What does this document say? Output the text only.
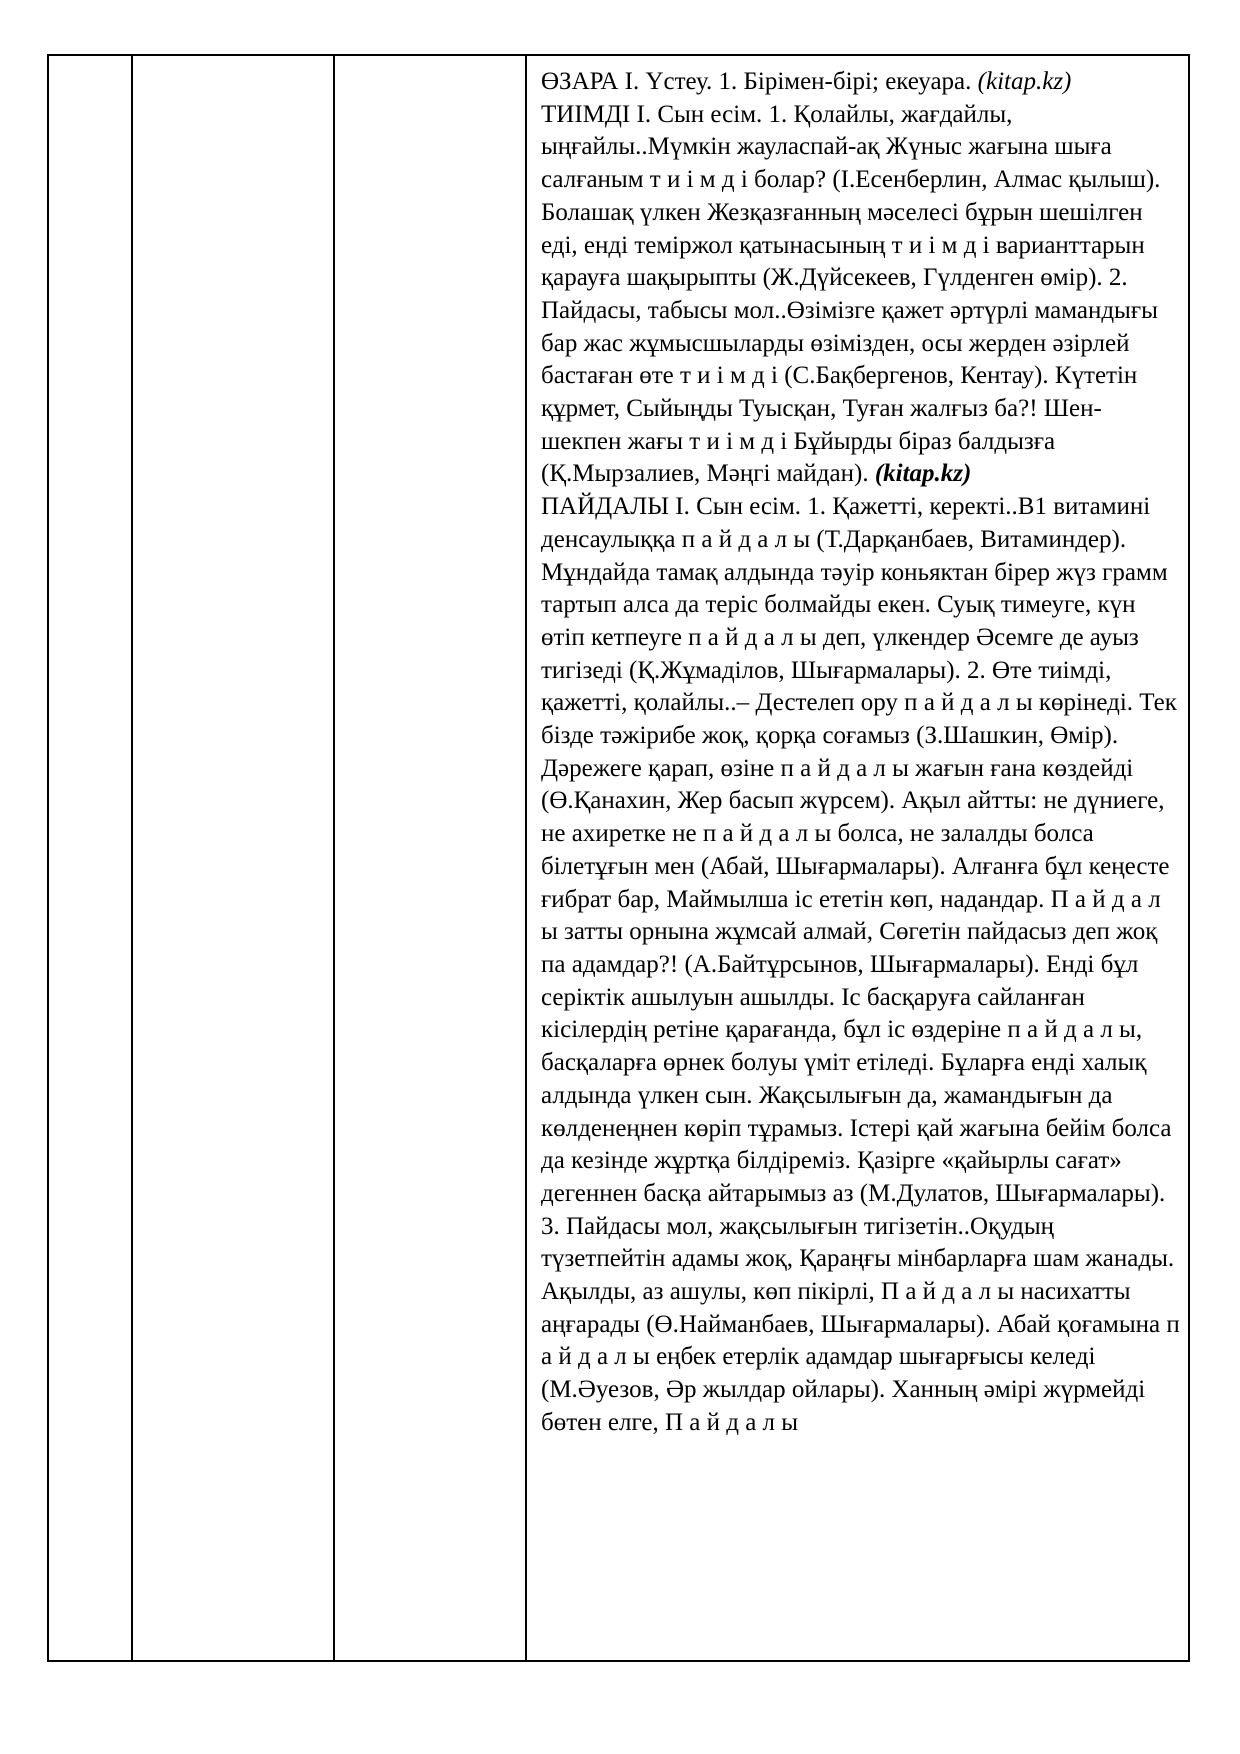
ӨЗАРА І. Үстеу. 1. Бірімен-бірі; екеуара. (kitap.kz)

ТИІМДІ І. Сын есім. 1. Қолайлы, жағдайлы, ыңғайлы..Мүмкін жауласпай-ақ Жүныс жағына шыға салғаным т и і м д і болар? (І.Есенберлин, Алмас қылыш). Болашақ үлкен Жезқазғанның мәселесі бұрын шешілген еді, енді теміржол қатынасының т и і м д і варианттарын қарауға шақырыпты (Ж.Дүйсекеев, Гүлденген өмір). 2. Пайдасы, табысы мол..Өзімізге қажет әртүрлі мамандығы бар жас жұмысшыларды өзімізден, осы жерден әзірлей бастаған өте т и і м д і (С.Бақбергенов, Кентау). Күтетін құрмет, Сыйыңды Туысқан, Туған жалғыз ба?! Шен-шекпен жағы т и і м д і Бұйырды біраз балдызға (Қ.Мырзалиев, Мәңгі майдан). (kitap.kz)

ПАЙДАЛЫ І. Сын есім. 1. Қажетті, керекті..В1 витамині денсаулыққа п а й д а л ы (Т.Дарқанбаев, Витаминдер). Мұндайда тамақ алдында тәуір коньяктан бірер жүз грамм тартып алса да теріс болмайды екен. Суық тимеуге, күн өтіп кетпеуге п а й д а л ы деп, үлкендер Әсемге де ауыз тигізеді (Қ.Жұмаділов, Шығармалары). 2. Өте тиімді, қажетті, қолайлы..– Дестелеп ору п а й д а л ы көрінеді. Тек бізде тәжірибе жоқ, қорқа соғамыз (З.Шашкин, Өмір). Дәрежеге қарап, өзіне п а й д а л ы жағын ғана көздейді (Ө.Қанахин, Жер басып жүрсем). Ақыл айтты: не дүниеге, не ахиретке не п а й д а л ы болса, не залалды болса білетұғын мен (Абай, Шығармалары). Алғанға бұл кеңесте ғибрат бар, Маймылша іс ететін көп, надандар. П а й д а л ы затты орнына жұмсай алмай, Сөгетін пайдасыз деп жоқ па адамдар?! (А.Байтұрсынов, Шығармалары). Енді бұл серіктік ашылуын ашылды. Іс басқаруға сайланған кісілердің ретіне қарағанда, бұл іс өздеріне п а й д а л ы, басқаларға өрнек болуы үміт етіледі. Бұларға енді халық алдында үлкен сын. Жақсылығын да, жамандығын да көлденеңнен көріп тұрамыз. Істері қай жағына бейім болса да кезінде жұртқа білдіреміз. Қазірге «қайырлы сағат» дегеннен басқа айтарымыз аз (М.Дулатов, Шығармалары). 3. Пайдасы мол, жақсылығын тигізетін..Оқудың түзетпейтін адамы жоқ, Қараңғы мінбарларға шам жанады. Ақылды, аз ашулы, көп пікірлі, П а й д а л ы насихатты аңғарады (Ө.Найманбаев, Шығармалары). Абай қоғамына п а й д а л ы еңбек етерлік адамдар шығарғысы келеді (М.Әуезов, Әр жылдар ойлары). Ханның әмірі жүрмейді бөтен елге, П а й д а л ы
